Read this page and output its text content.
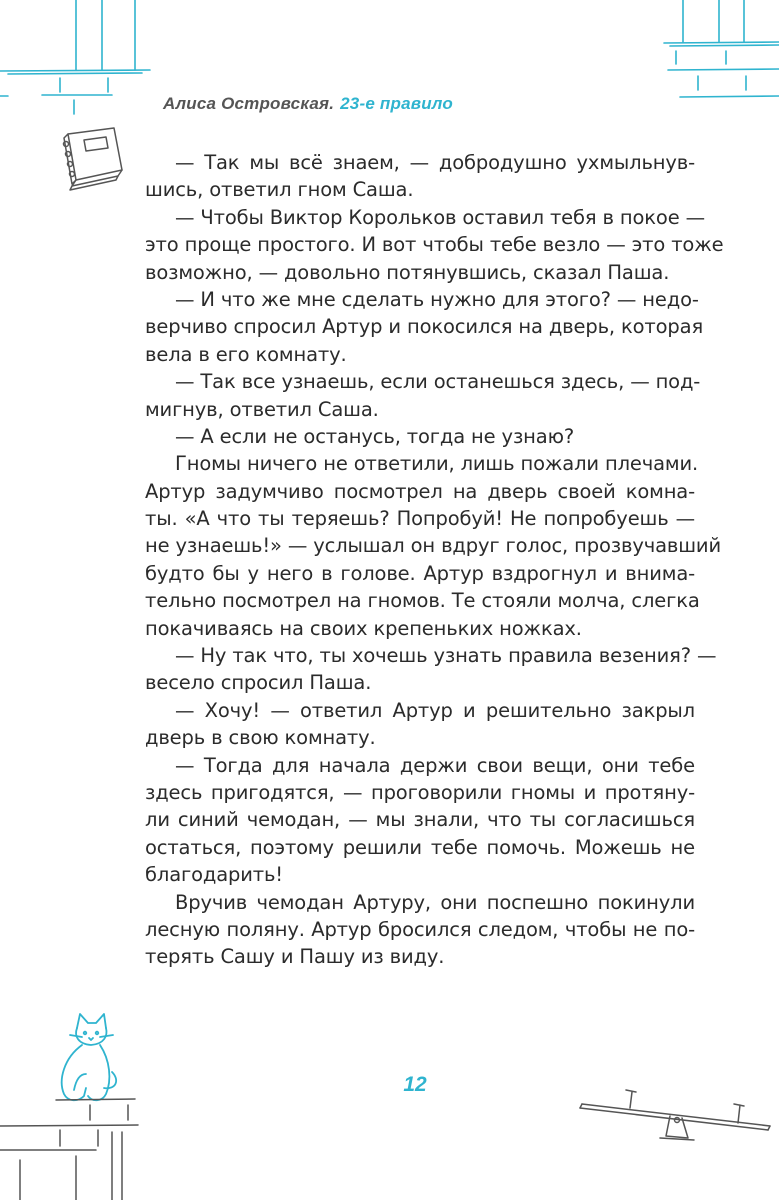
Алиса Островская. 23-е правило
— Так мы всё знаем, — добродушно ухмыльнув-
шись, ответил гном Саша.
— Чтобы Виктор Корольков оставил тебя в покое —
это проще простого. И вот чтобы тебе везло — это тоже
возможно, — довольно потянувшись, сказал Паша.
— И что же мне сделать нужно для этого? — недо-
верчиво спросил Артур и покосился на дверь, которая
вела в его комнату.
— Так все узнаешь, если останешься здесь, — под-
мигнув, ответил Саша.
— А если не останусь, тогда не узнаю?
Гномы ничего не ответили, лишь пожали плечами.
Артур задумчиво посмотрел на дверь своей комна-
ты. «А что ты теряешь? Попробуй! Не попробуешь —
не узнаешь!» — услышал он вдруг голос, прозвучавший
будто бы у него в голове. Артур вздрогнул и внима-
тельно посмотрел на гномов. Те стояли молча, слегка
покачиваясь на своих крепеньких ножках.
— Ну так что, ты хочешь узнать правила везения? —
весело спросил Паша.
— Хочу! — ответил Артур и решительно закрыл
дверь в свою комнату.
— Тогда для начала держи свои вещи, они тебе
здесь пригодятся, — проговорили гномы и протяну-
ли синий чемодан, — мы знали, что ты согласишься
остаться, поэтому решили тебе помочь. Можешь не
благодарить!
Вручив чемодан Артуру, они поспешно покинули
лесную поляну. Артур бросился следом, чтобы не по-
терять Сашу и Пашу из виду.
12
